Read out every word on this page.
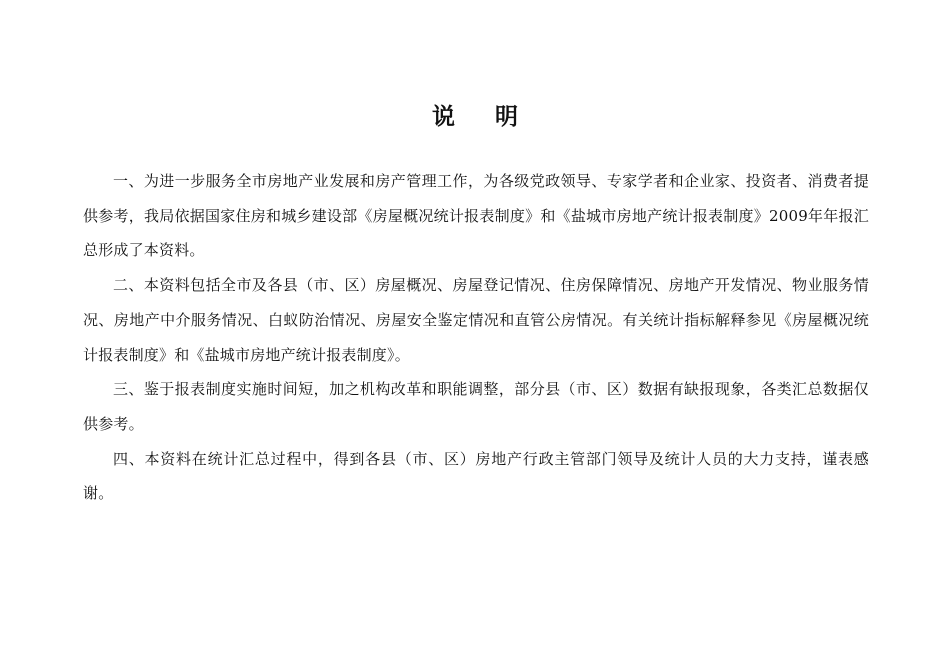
说 明

一、为进一步服务全市房地产业发展和房产管理工作，为各级党政领导、专家学者和企业家、投资者、消费者提供参考，我局依据国家住房和城乡建设部《房屋概况统计报表制度》和《盐城市房地产统计报表制度》2009年年报汇总形成了本资料。

二、本资料包括全市及各县（市、区）房屋概况、房屋登记情况、住房保障情况、房地产开发情况、物业服务情况、房地产中介服务情况、白蚁防治情况、房屋安全鉴定情况和直管公房情况。有关统计指标解释参见《房屋概况统计报表制度》和《盐城市房地产统计报表制度》。

三、鉴于报表制度实施时间短，加之机构改革和职能调整，部分县（市、区）数据有缺报现象，各类汇总数据仅供参考。

四、本资料在统计汇总过程中，得到各县（市、区）房地产行政主管部门领导及统计人员的大力支持，谨表感谢。
